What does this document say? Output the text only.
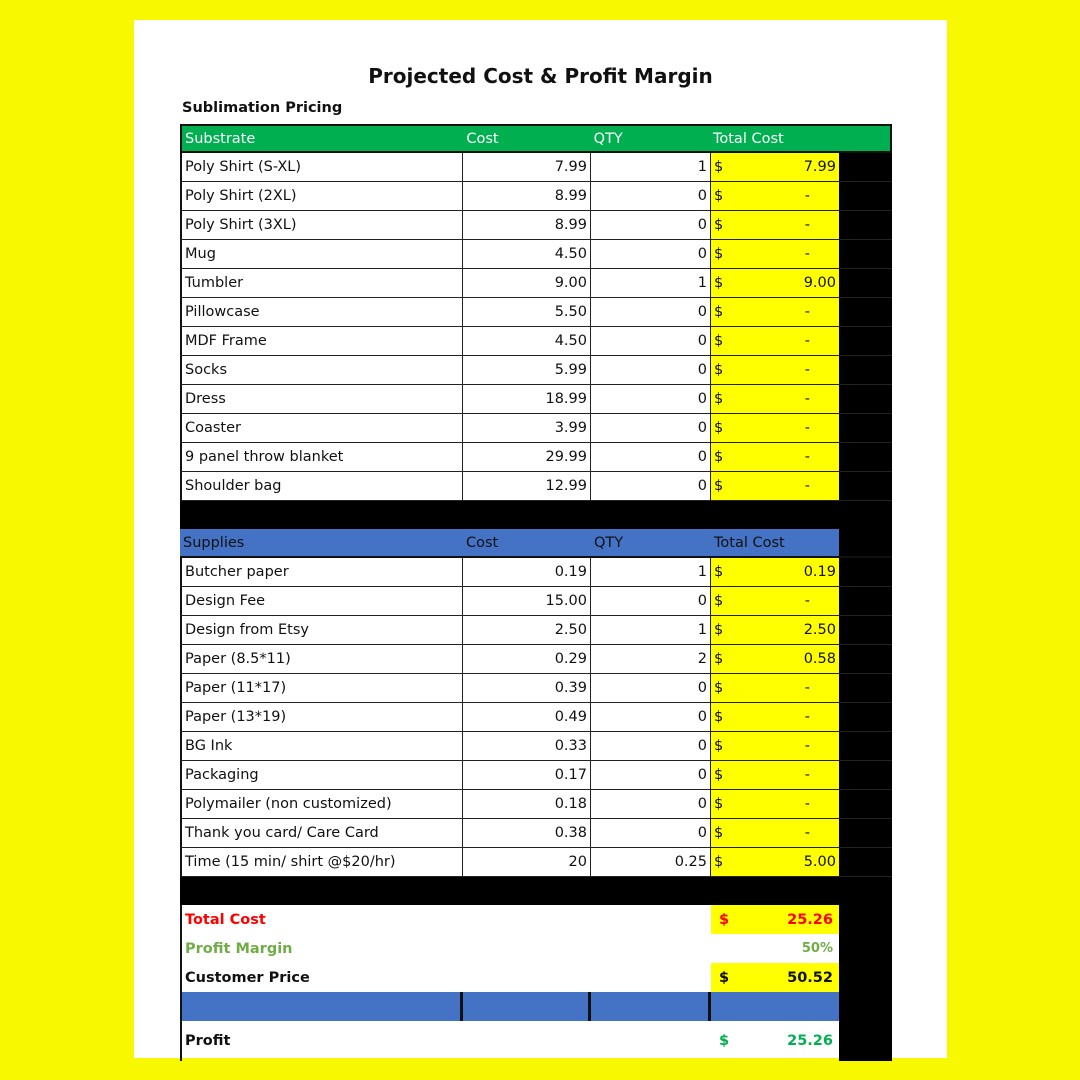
Projected Cost & Profit Margin
Sublimation Pricing
Substrate	Cost	QTY	Total Cost
Poly Shirt (S-XL)	7.99	1 $	7.99
Poly Shirt (2XL)	8.99	0 $	-
Poly Shirt (3XL)	8.99	0 $	-
Mug	4.50	0 $	-
Tumbler	9.00	1 $	9.00
Pillowcase	5.50	0 $	-
MDF Frame	4.50	0 $	-
Socks	5.99	0 $	-
Dress	18.99	0 $	-
Coaster	3.99	0 $	-
9 panel throw blanket	29.99	0 $	-
Shoulder bag	12.99	0 $	-
Supplies	Cost	QTY	Total Cost
Butcher paper	0.19	1 $	0.19
Design Fee	15.00	0 $	-
Design from Etsy	2.50	1 $	2.50
Paper (8.5*11)	0.29	2 $	0.58
Paper (11*17)	0.39	0 $	-
Paper (13*19)	0.49	0 $	-
BG Ink	0.33	0 $	-
Packaging	0.17	0 $	-
Polymailer (non customized)	0.18	0 $	-
Thank you card/ Care Card	0.38	0 $	-
Time (15 min/ shirt @$20/hr)	20	0.25 $	5.00
Total Cost	$	25.26
Profit Margin	50%
Customer Price	$	50.52
Profit	$	25.26
